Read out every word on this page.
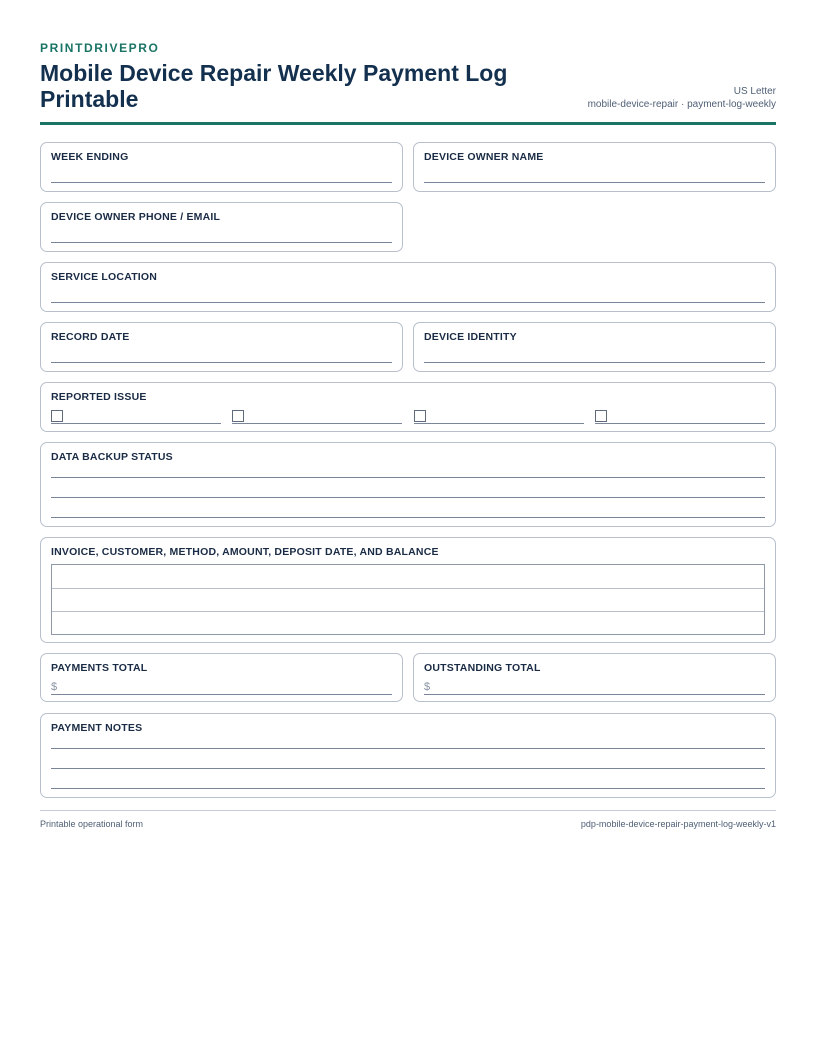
PRINTDRIVEPRO
Mobile Device Repair Weekly Payment Log Printable	US Letter
mobile-device-repair · payment-log-weekly
WEEK ENDING	DEVICE OWNER NAME
DEVICE OWNER PHONE / EMAIL
SERVICE LOCATION
RECORD DATE	DEVICE IDENTITY
REPORTED ISSUE
DATA BACKUP STATUS
INVOICE, CUSTOMER, METHOD, AMOUNT, DEPOSIT DATE, AND BALANCE
PAYMENTS TOTAL
$
OUTSTANDING TOTAL
$
PAYMENT NOTES
Printable operational form	pdp-mobile-device-repair-payment-log-weekly-v1
